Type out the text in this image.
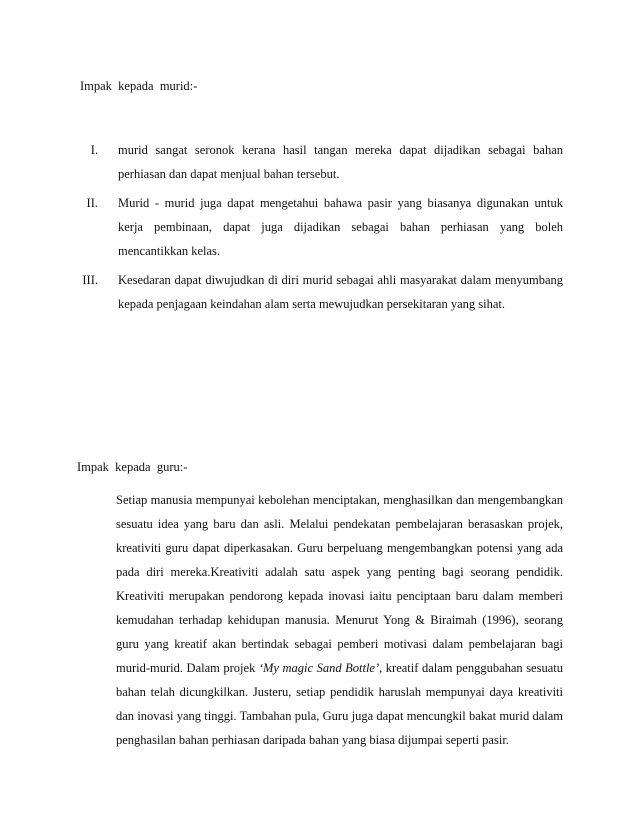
Impak  kepada  murid:-
I. murid sangat seronok kerana hasil tangan mereka dapat dijadikan sebagai bahan perhiasan dan dapat menjual bahan tersebut.
II. Murid - murid juga dapat mengetahui bahawa pasir yang biasanya digunakan untuk kerja pembinaan, dapat juga dijadikan sebagai bahan perhiasan yang boleh mencantikkan kelas.
III. Kesedaran dapat diwujudkan di diri murid sebagai ahli masyarakat dalam menyumbang kepada penjagaan keindahan alam serta mewujudkan persekitaran yang sihat.
Impak  kepada  guru:-
Setiap manusia mempunyai kebolehan menciptakan, menghasilkan dan mengembangkan sesuatu idea yang baru dan asli. Melalui pendekatan pembelajaran berasaskan projek, kreativiti guru dapat diperkasakan. Guru berpeluang mengembangkan potensi yang ada pada diri mereka.Kreativiti adalah satu aspek yang penting bagi seorang pendidik. Kreativiti merupakan pendorong kepada inovasi iaitu penciptaan baru dalam memberi kemudahan terhadap kehidupan manusia. Menurut Yong & Biraimah (1996), seorang guru yang kreatif akan bertindak sebagai pemberi motivasi dalam pembelajaran bagi murid-murid. Dalam projek ‘My magic Sand Bottle’, kreatif dalam penggubahan sesuatu bahan telah dicungkilkan. Justeru, setiap pendidik haruslah mempunyai daya kreativiti dan inovasi yang tinggi. Tambahan pula, Guru juga dapat mencungkil bakat murid dalam penghasilan bahan perhiasan daripada bahan yang biasa dijumpai seperti pasir.
